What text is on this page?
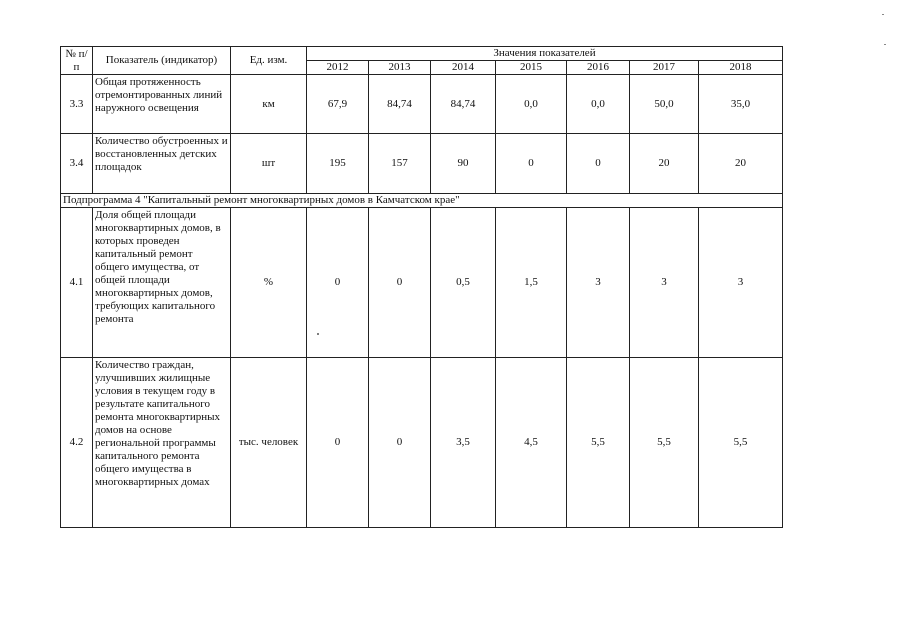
№ п/п	Показатель (индикатор)	Ед. изм.	Значения показателей						
			2012	2013	2014	2015	2016	2017	2018
3.3	Общая протяженность отремонтированных линий наружного освещения	км	67,9	84,74	84,74	0,0	0,0	50,0	35,0
3.4	Количество обустроенных и восстановленных детских площадок	шт	195	157	90	0	0	20	20
Подпрограмма 4 "Капитальный ремонт многоквартирных домов в Камчатском крае"									
4.1	Доля общей площади многоквартирных домов, в которых проведен капитальный ремонт общего имущества, от общей площади многоквартирных домов, требующих капитального ремонта	%	0	0	0,5	1,5	3	3	3
4.2	Количество граждан, улучшивших жилищные условия в текущем году в результате капитального ремонта многоквартирных домов на основе региональной программы капитального ремонта общего имущества в многоквартирных домах	тыс. человек	0	0	3,5	4,5	5,5	5,5	5,5
